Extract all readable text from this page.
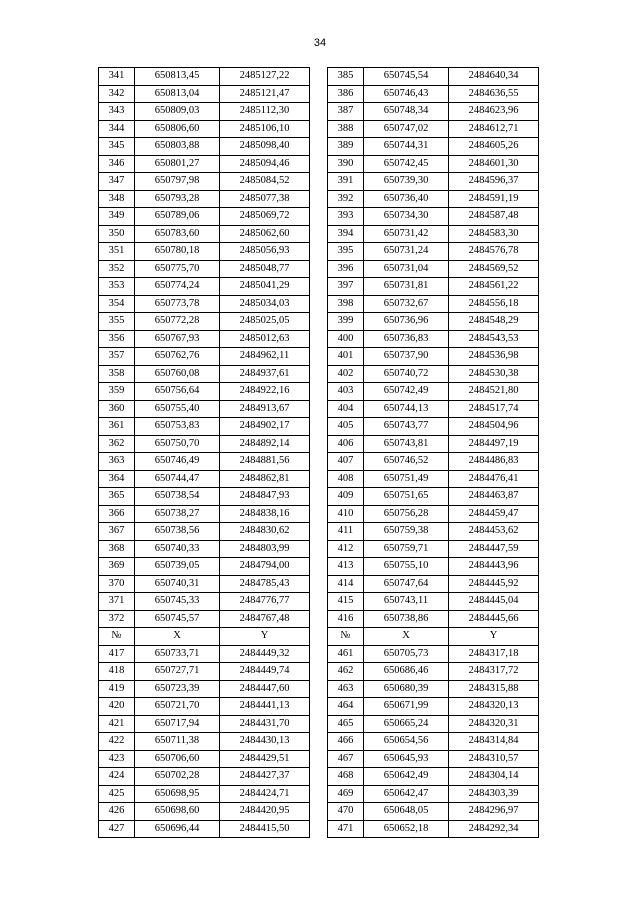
34
341	650813,45	2485127,22		385	650745,54	2484640,34
342	650813,04	2485121,47		386	650746,43	2484636,55
343	650809,03	2485112,30		387	650748,34	2484623,96
344	650806,60	2485106,10		388	650747,02	2484612,71
345	650803,88	2485098,40		389	650744,31	2484605,26
346	650801,27	2485094,46		390	650742,45	2484601,30
347	650797,98	2485084,52		391	650739,30	2484596,37
348	650793,28	2485077,38		392	650736,40	2484591,19
349	650789,06	2485069,72		393	650734,30	2484587,48
350	650783,60	2485062,60		394	650731,42	2484583,30
351	650780,18	2485056,93		395	650731,24	2484576,78
352	650775,70	2485048,77		396	650731,04	2484569,52
353	650774,24	2485041,29		397	650731,81	2484561,22
354	650773,78	2485034,03		398	650732,67	2484556,18
355	650772,28	2485025,05		399	650736,96	2484548,29
356	650767,93	2485012,63		400	650736,83	2484543,53
357	650762,76	2484962,11		401	650737,90	2484536,98
358	650760,08	2484937,61		402	650740,72	2484530,38
359	650756,64	2484922,16		403	650742,49	2484521,80
360	650755,40	2484913,67		404	650744,13	2484517,74
361	650753,83	2484902,17		405	650743,77	2484504,96
362	650750,70	2484892,14		406	650743,81	2484497,19
363	650746,49	2484881,56		407	650746,52	2484486,83
364	650744,47	2484862,81		408	650751,49	2484476,41
365	650738,54	2484847,93		409	650751,65	2484463,87
366	650738,27	2484838,16		410	650756,28	2484459,47
367	650738,56	2484830,62		411	650759,38	2484453,62
368	650740,33	2484803,99		412	650759,71	2484447,59
369	650739,05	2484794,00		413	650755,10	2484443,96
370	650740,31	2484785,43		414	650747,64	2484445,92
371	650745,33	2484776,77		415	650743,11	2484445,04
372	650745,57	2484767,48		416	650738,86	2484445,66
№	X	Y		№	X	Y
417	650733,71	2484449,32		461	650705,73	2484317,18
418	650727,71	2484449,74		462	650686,46	2484317,72
419	650723,39	2484447,60		463	650680,39	2484315,88
420	650721,70	2484441,13		464	650671,99	2484320,13
421	650717,94	2484431,70		465	650665,24	2484320,31
422	650711,38	2484430,13		466	650654,56	2484314,84
423	650706,60	2484429,51		467	650645,93	2484310,57
424	650702,28	2484427,37		468	650642,49	2484304,14
425	650698,95	2484424,71		469	650642,47	2484303,39
426	650698,60	2484420,95		470	650648,05	2484296,97
427	650696,44	2484415,50		471	650652,18	2484292,34
